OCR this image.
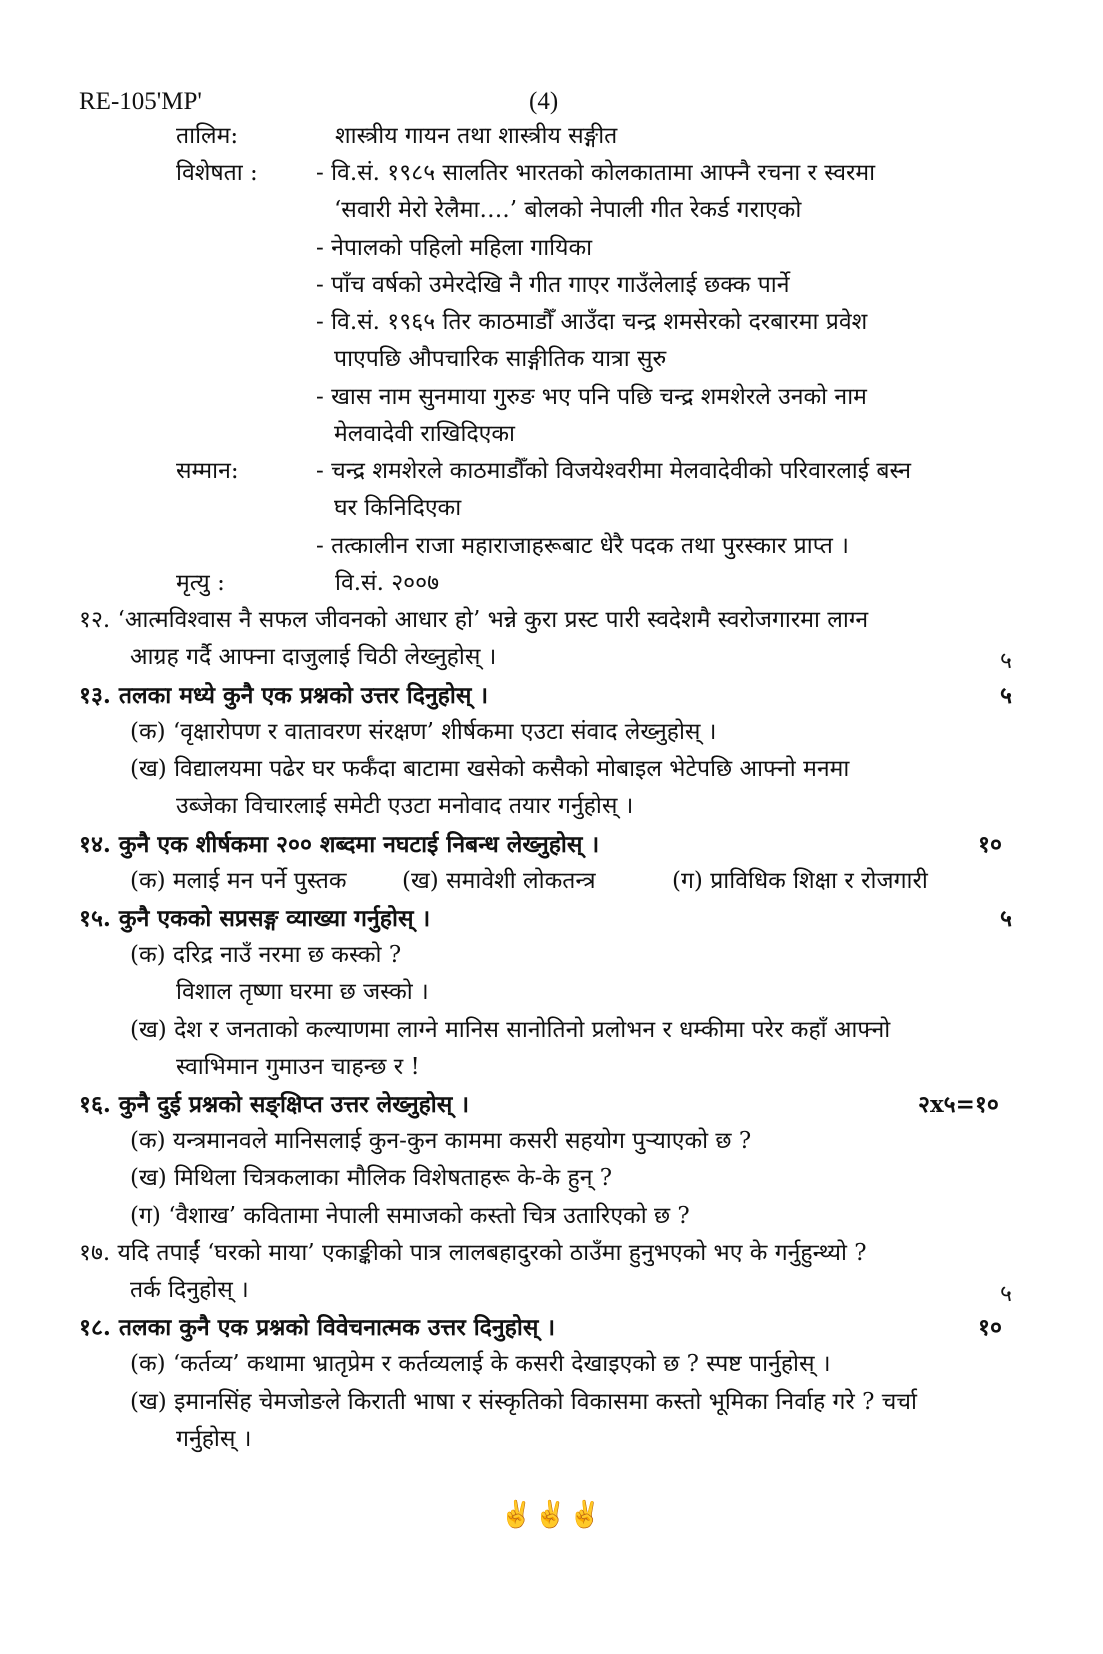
RE-105'MP'	(4)
तालिम:	शास्त्रीय गायन तथा शास्त्रीय सङ्गीत
विशेषता :	- वि.सं. १९८५ सालतिर भारतको कोलकातामा आफ्नै रचना र स्वरमा
‘सवारी मेरो रेलैमा….’ बोलको नेपाली गीत रेकर्ड गराएको
- नेपालको पहिलो महिला गायिका
- पाँच वर्षको उमेरदेखि नै गीत गाएर गाउँलेलाई छक्क पार्ने
- वि.सं. १९६५ तिर काठमाडौँ आउँदा चन्द्र शमसेरको दरबारमा प्रवेश
पाएपछि औपचारिक साङ्गीतिक यात्रा सुरु
- खास नाम सुनमाया गुरुङ भए पनि पछि चन्द्र शमशेरले उनको नाम
मेलवादेवी राखिदिएका
सम्मान:	- चन्द्र शमशेरले काठमाडौँको विजयेश्वरीमा मेलवादेवीको परिवारलाई बस्न
घर किनिदिएका
- तत्कालीन राजा महाराजाहरूबाट धेरै पदक तथा पुरस्कार प्राप्त ।
मृत्यु :	वि.सं. २००७
१२. ‘आत्मविश्वास नै सफल जीवनको आधार हो’ भन्ने कुरा प्रस्ट पारी स्वदेशमै स्वरोजगारमा लाग्न
आग्रह गर्दै आफ्ना दाजुलाई चिठी लेख्नुहोस् ।	५
१३. तलका मध्ये कुनै एक प्रश्नको उत्तर दिनुहोस् ।	५
(क) ‘वृक्षारोपण र वातावरण संरक्षण’ शीर्षकमा एउटा संवाद लेख्नुहोस् ।
(ख) विद्यालयमा पढेर घर फर्कँदा बाटामा खसेको कसैको मोबाइल भेटेपछि आफ्नो मनमा
उब्जेका विचारलाई समेटी एउटा मनोवाद तयार गर्नुहोस् ।
१४. कुनै एक शीर्षकमा २०० शब्दमा नघटाई निबन्ध लेख्नुहोस् ।	१०
(क) मलाई मन पर्ने पुस्तक (ख) समावेशी लोकतन्त्र	(ग) प्राविधिक शिक्षा र रोजगारी
१५. कुनै एकको सप्रसङ्ग व्याख्या गर्नुहोस् ।	५
(क) दरिद्र नाउँ नरमा छ कस्को ?
विशाल तृष्णा घरमा छ जस्को ।
(ख) देश र जनताको कल्याणमा लाग्ने मानिस सानोतिनो प्रलोभन र धम्कीमा परेर कहाँ आफ्नो
स्वाभिमान गुमाउन चाहन्छ र !
१६. कुनै दुई प्रश्नको सङ्क्षिप्त उत्तर लेख्नुहोस् ।	२x५=१०
(क) यन्त्रमानवले मानिसलाई कुन-कुन काममा कसरी सहयोग पुऱ्याएको छ ?
(ख) मिथिला चित्रकलाका मौलिक विशेषताहरू के-के हुन् ?
(ग) ‘वैशाख’ कवितामा नेपाली समाजको कस्तो चित्र उतारिएको छ ?
१७. यदि तपाईं ‘घरको माया’ एकाङ्कीको पात्र लालबहादुरको ठाउँमा हुनुभएको भए के गर्नुहुन्थ्यो ?
तर्क दिनुहोस् ।	५
१८. तलका कुनै एक प्रश्नको विवेचनात्मक उत्तर दिनुहोस् ।	१०
(क) ‘कर्तव्य’ कथामा भ्रातृप्रेम र कर्तव्यलाई के कसरी देखाइएको छ ? स्पष्ट पार्नुहोस् ।
(ख) इमानसिंह चेमजोङले किराती भाषा र संस्कृतिको विकासमा कस्तो भूमिका निर्वाह गरे ? चर्चा
गर्नुहोस् ।
✌✌✌
